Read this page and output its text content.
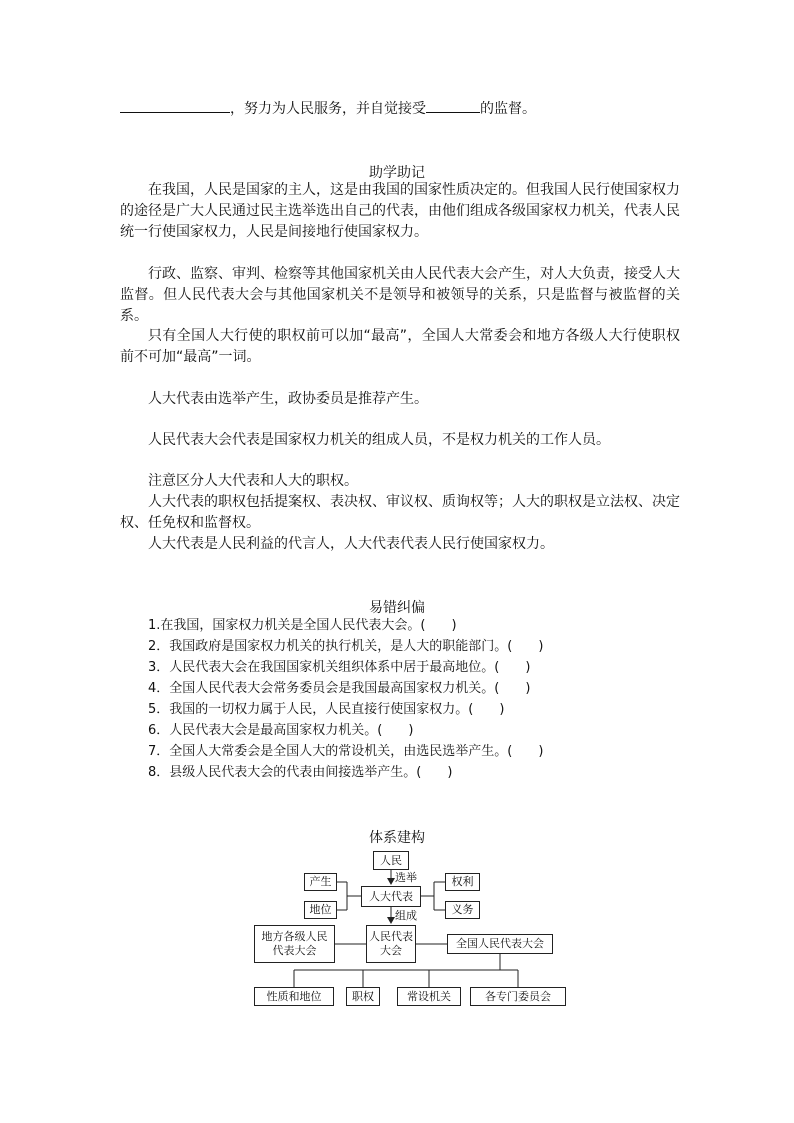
，努力为人民服务，并自觉接受	的监督。
助学助记
在我国，人民是国家的主人，这是由我国的国家性质决定的。但我国人民行使国家权力的途径是广大人民通过民主选举选出自己的代表，由他们组成各级国家权力机关，代表人民统一行使国家权力，人民是间接地行使国家权力。
行政、监察、审判、检察等其他国家机关由人民代表大会产生，对人大负责，接受人大监督。但人民代表大会与其他国家机关不是领导和被领导的关系，只是监督与被监督的关系。
只有全国人大行使的职权前可以加“最高”，全国人大常委会和地方各级人大行使职权前不可加“最高”一词。
人大代表由选举产生，政协委员是推荐产生。
人民代表大会代表是国家权力机关的组成人员，不是权力机关的工作人员。
注意区分人大代表和人大的职权。
人大代表的职权包括提案权、表决权、审议权、质询权等；人大的职权是立法权、决定权、任免权和监督权。
人大代表是人民利益的代言人，人大代表代表人民行使国家权力。
易错纠偏
1.在我国，国家权力机关是全国人民代表大会。(　　)
2．我国政府是国家权力机关的执行机关，是人大的职能部门。(　　)
3．人民代表大会在我国国家机关组织体系中居于最高地位。(　　)
4．全国人民代表大会常务委员会是我国最高国家权力机关。(　　)
5．我国的一切权力属于人民，人民直接行使国家权力。(　　)
6．人民代表大会是最高国家权力机关。(　　)
7．全国人大常委会是全国人大的常设机关，由选民选举产生。(　　)
8．县级人民代表大会的代表由间接选举产生。(　　)
体系建构
人民
选举
人大代表
产生
地位
权利
义务
组成
地方各级人民代表大会
人民代表大会
全国人民代表大会
性质和地位	职权	常设机关	各专门委员会
